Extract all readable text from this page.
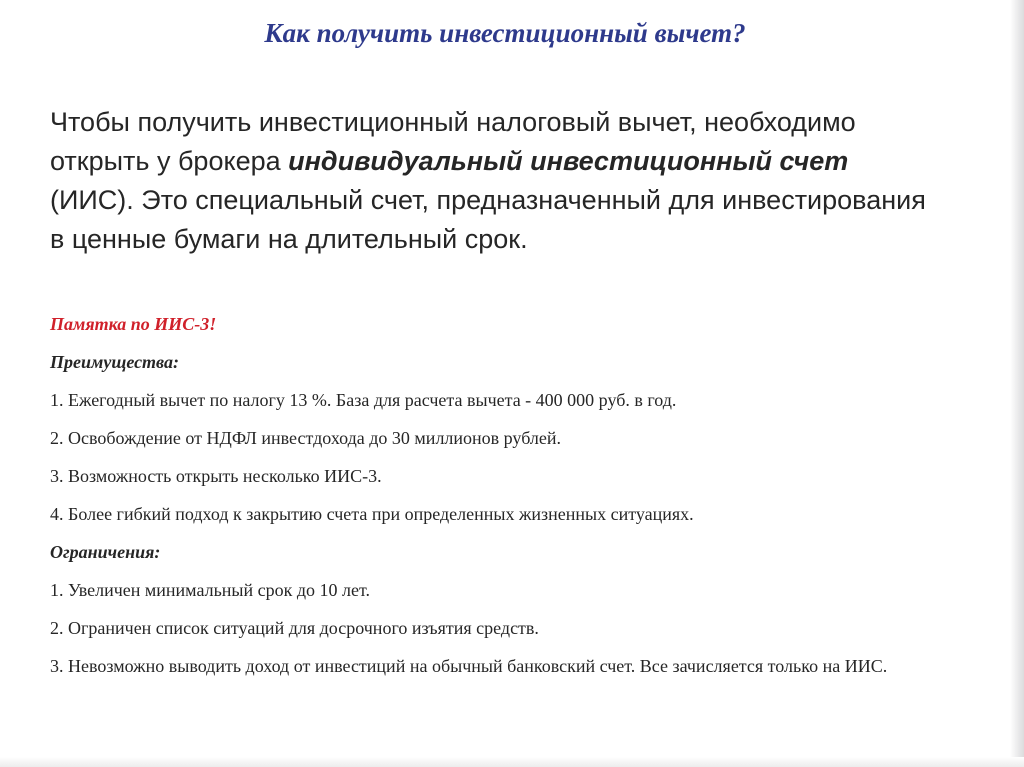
Как получить инвестиционный вычет?
Чтобы получить инвестиционный налоговый вычет, необходимо открыть у брокера индивидуальный инвестиционный счет (ИИС). Это специальный счет, предназначенный для инвестирования в ценные бумаги на длительный срок.

Памятка по ИИС-3!

Преимущества:

1. Ежегодный вычет по налогу 13 %. База для расчета вычета - 400 000 руб. в год.

2. Освобождение от НДФЛ инвестдохода до 30 миллионов рублей.

3. Возможность открыть несколько ИИС-3.

4. Более гибкий подход к закрытию счета при определенных жизненных ситуациях.

Ограничения:

1. Увеличен минимальный срок до 10 лет.

2. Ограничен список ситуаций для досрочного изъятия средств.

3. Невозможно выводить доход от инвестиций на обычный банковский счет. Все зачисляется только на ИИС.
